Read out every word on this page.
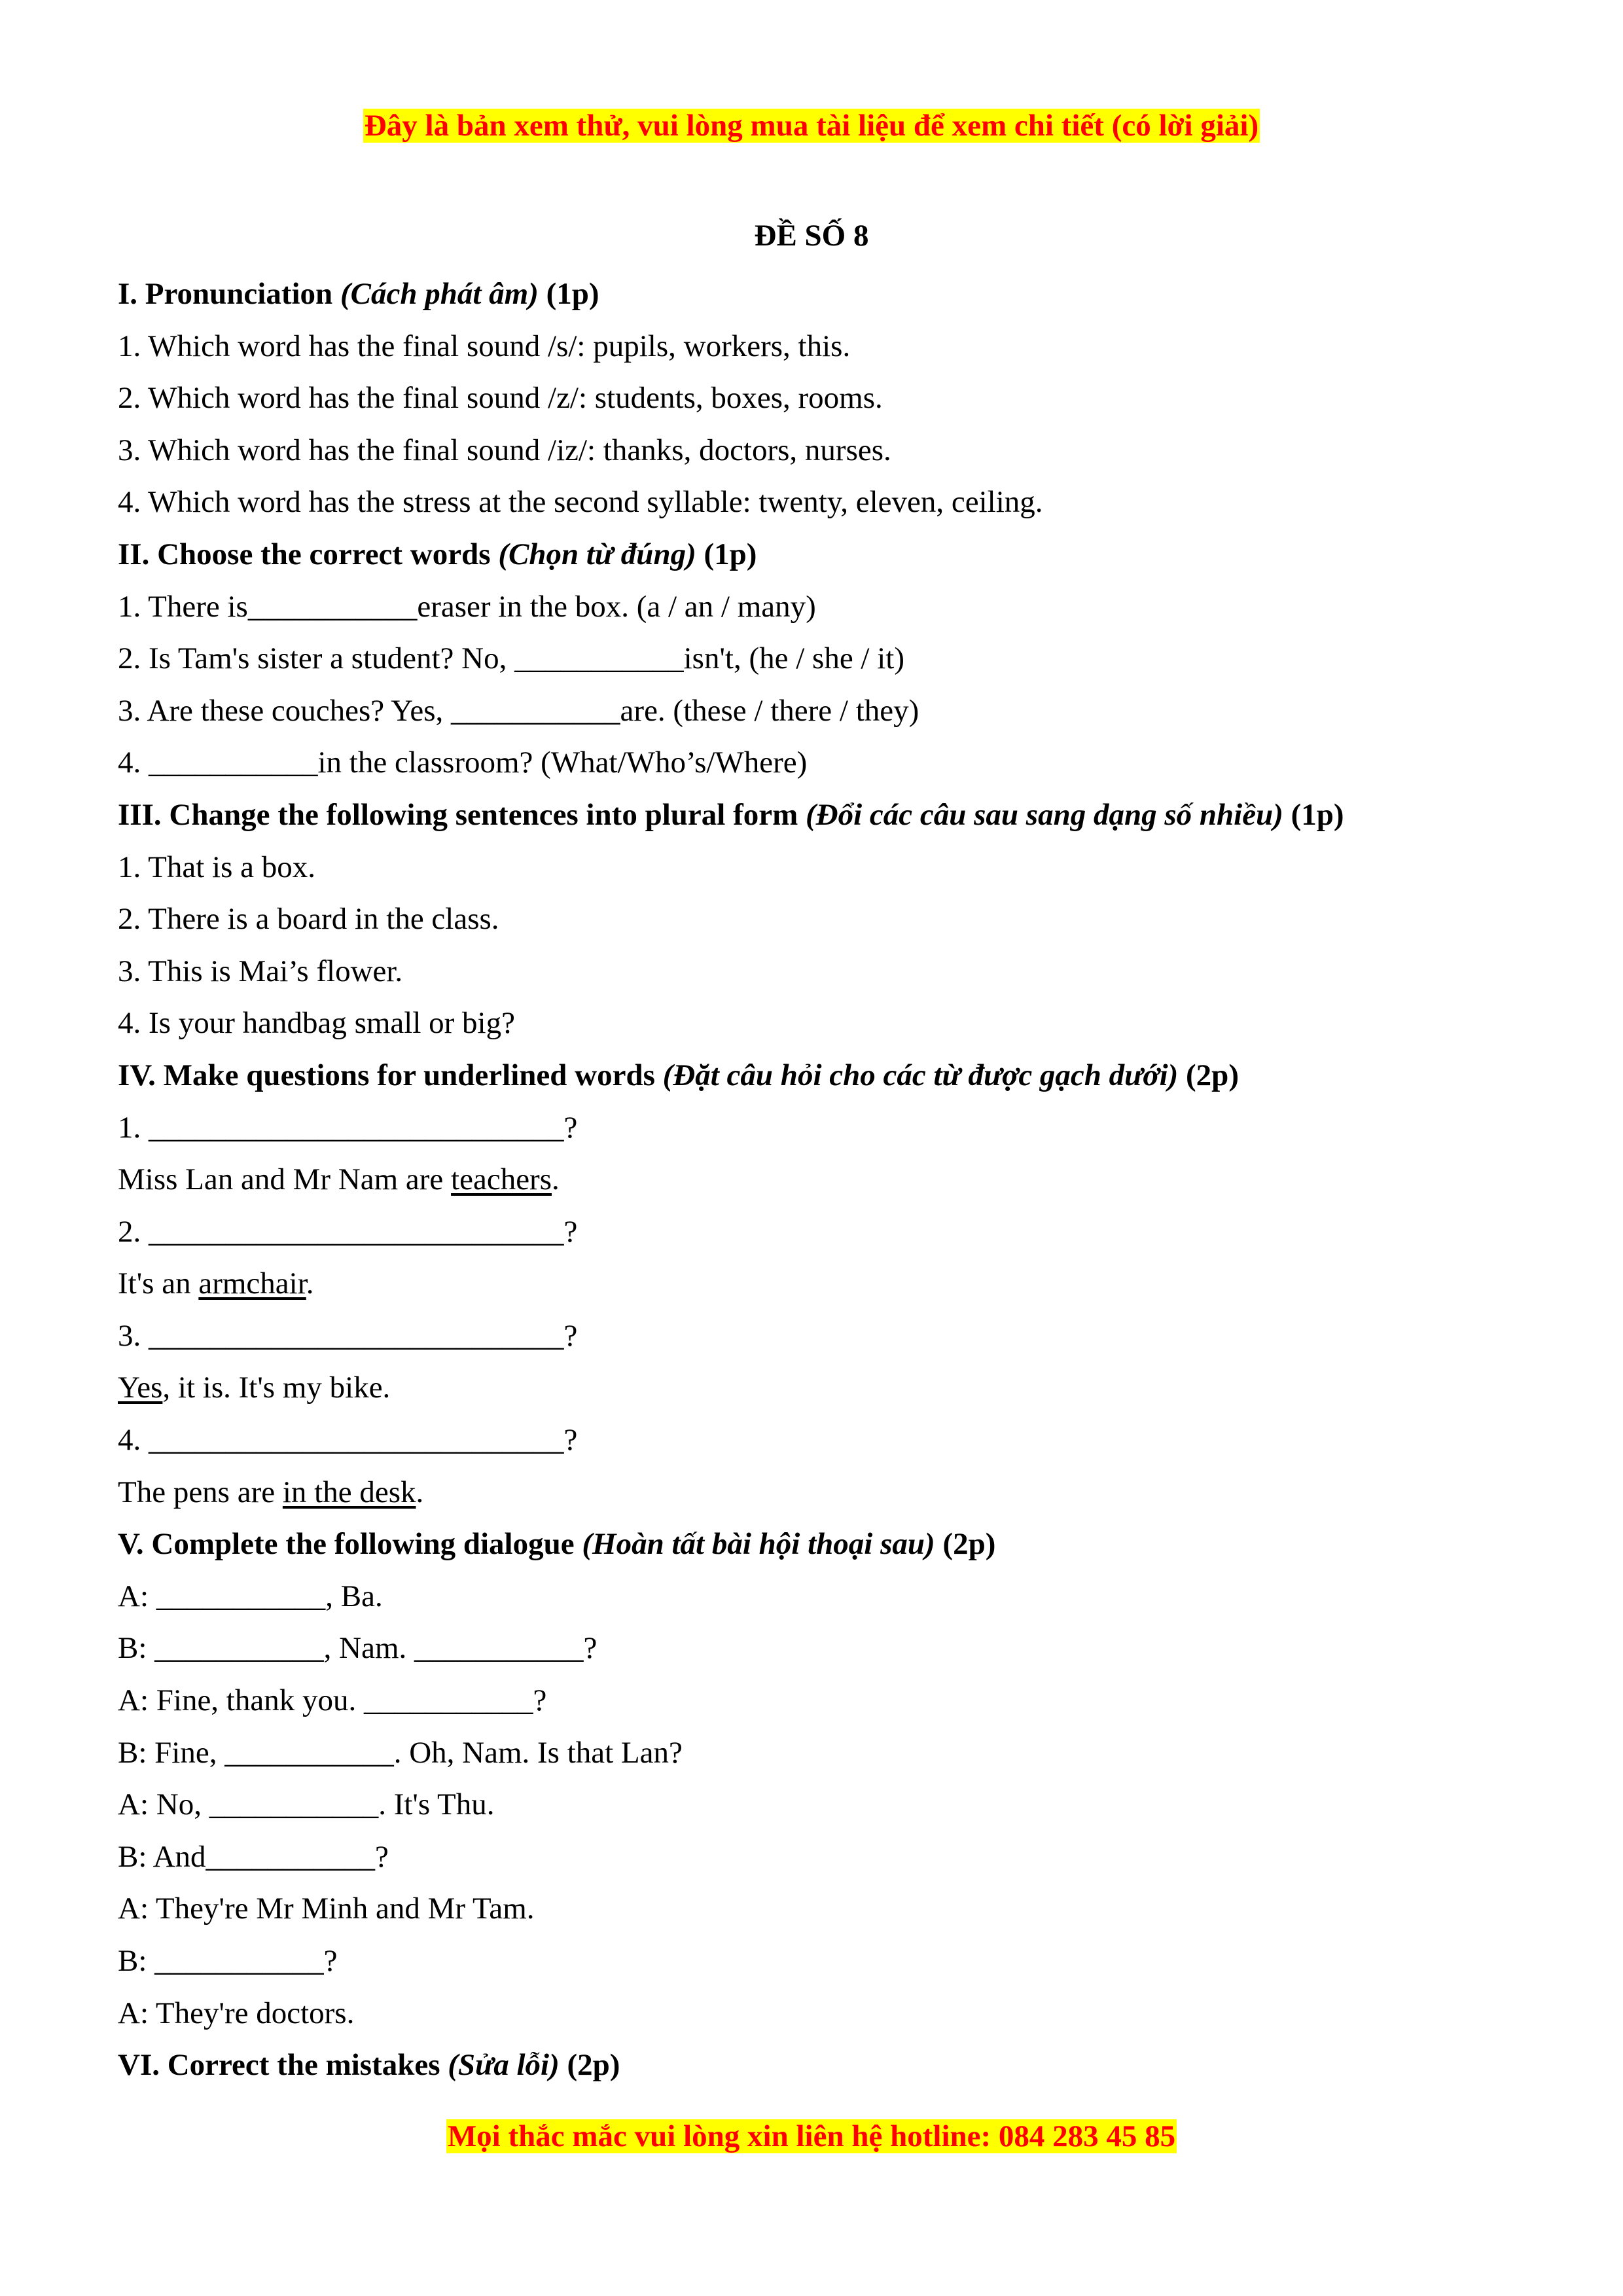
Đây là bản xem thử, vui lòng mua tài liệu để xem chi tiết (có lời giải)
ĐỀ SỐ 8
I. Pronunciation (Cách phát âm) (1p)
1. Which word has the final sound /s/: pupils, workers, this.
2. Which word has the final sound /z/: students, boxes, rooms.
3. Which word has the final sound /iz/: thanks, doctors, nurses.
4. Which word has the stress at the second syllable: twenty, eleven, ceiling.
II. Choose the correct words (Chọn từ đúng) (1p)
1. There is___________eraser in the box. (a / an / many)
2. Is Tam's sister a student? No, ___________isn't, (he / she / it)
3. Are these couches? Yes, ___________are. (these / there / they)
4. ___________in the classroom? (What/Who’s/Where)
III. Change the following sentences into plural form (Đổi các câu sau sang dạng số nhiều) (1p)
1. That is a box.
2. There is a board in the class.
3. This is Mai’s flower.
4. Is your handbag small or big?
IV. Make questions for underlined words (Đặt câu hỏi cho các từ được gạch dưới) (2p)
1. ___________________________?
Miss Lan and Mr Nam are teachers.
2. ___________________________?
It's an armchair.
3. ___________________________?
Yes, it is. It's my bike.
4. ___________________________?
The pens are in the desk.
V. Complete the following dialogue (Hoàn tất bài hội thoại sau) (2p)
A: ___________, Ba.
B: ___________, Nam. ___________?
A: Fine, thank you. ___________?
B: Fine, ___________. Oh, Nam. Is that Lan?
A: No, ___________. It's Thu.
B: And___________?
A: They're Mr Minh and Mr Tam.
B: ___________?
A: They're doctors.
VI. Correct the mistakes (Sửa lỗi) (2p)
Mọi thắc mắc vui lòng xin liên hệ hotline: 084 283 45 85
